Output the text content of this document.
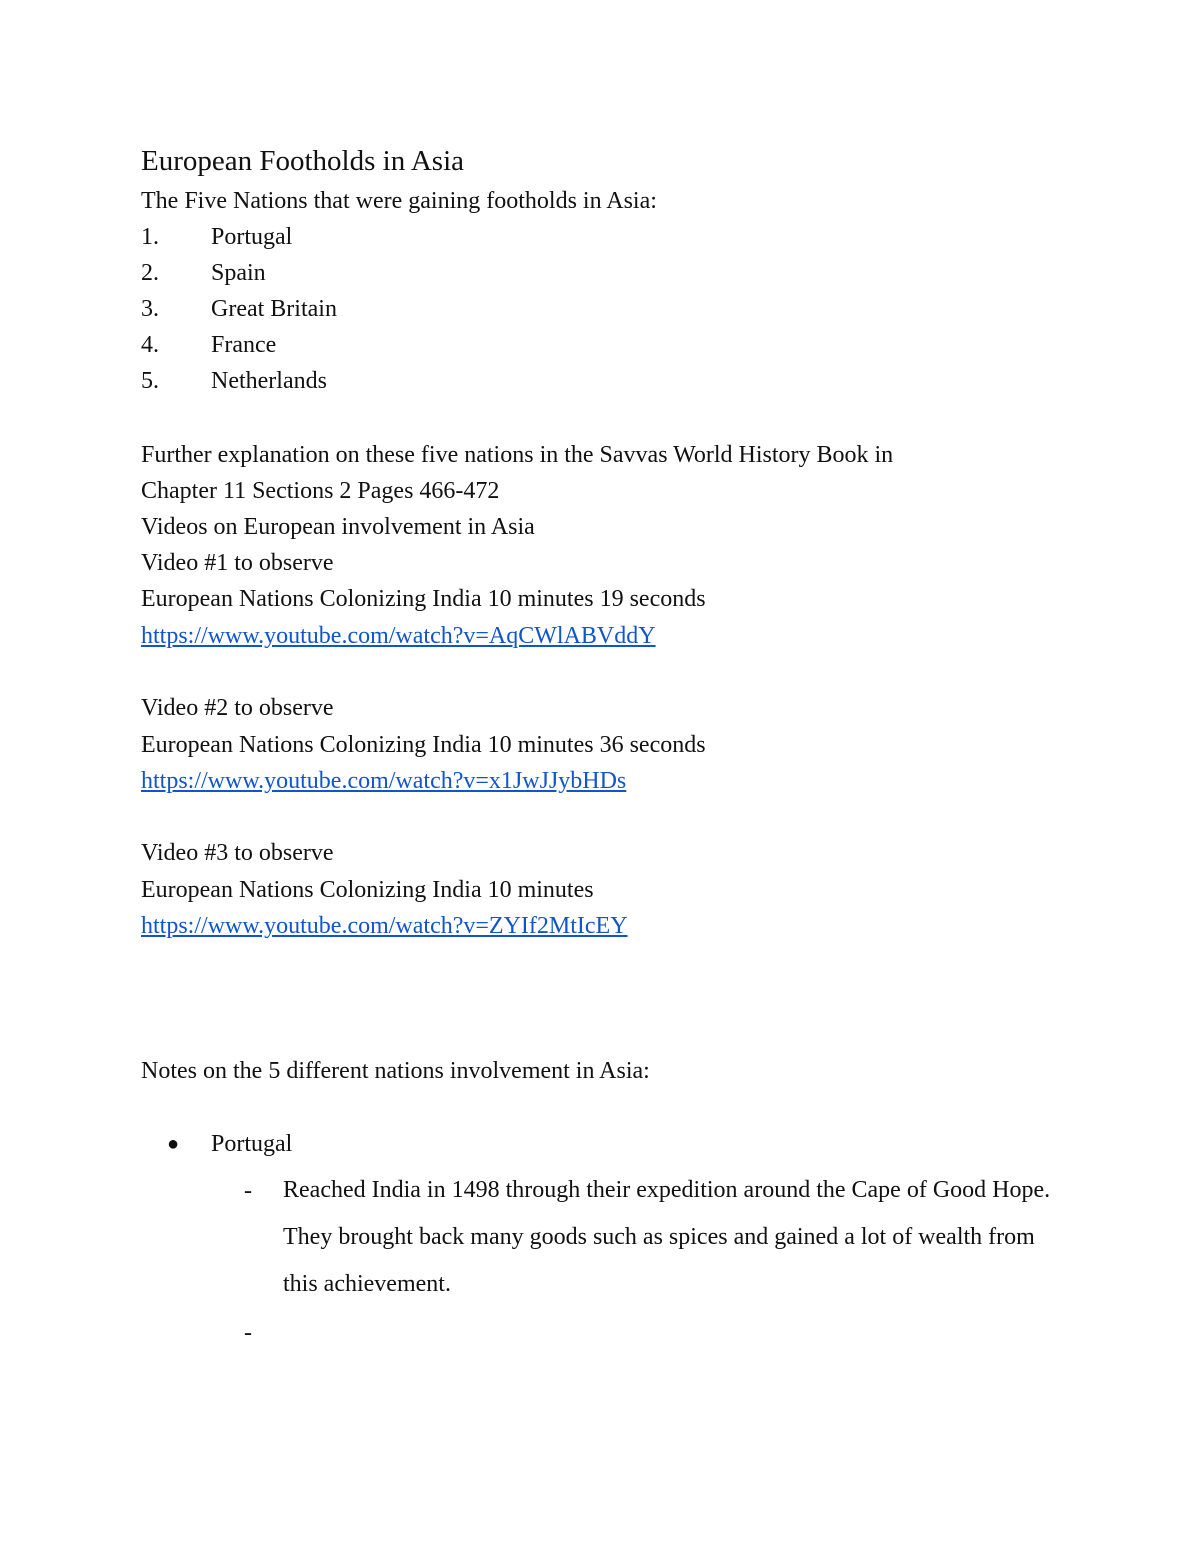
European Footholds in Asia
The Five Nations that were gaining footholds in Asia:
1. Portugal
2. Spain
3. Great Britain
4. France
5. Netherlands
Further explanation on these five nations in the Savvas World History Book in
Chapter 11 Sections 2 Pages 466-472
Videos on European involvement in Asia
Video #1 to observe
European Nations Colonizing India 10 minutes 19 seconds
https://www.youtube.com/watch?v=AqCWlABVddY
Video #2 to observe
European Nations Colonizing India 10 minutes 36 seconds
https://www.youtube.com/watch?v=x1JwJJybHDs
Video #3 to observe
European Nations Colonizing India 10 minutes
https://www.youtube.com/watch?v=ZYIf2MtIcEY
Notes on the 5 different nations involvement in Asia:
● Portugal
- Reached India in 1498 through their expedition around the Cape of Good Hope. They brought back many goods such as spices and gained a lot of wealth from this achievement.
-
